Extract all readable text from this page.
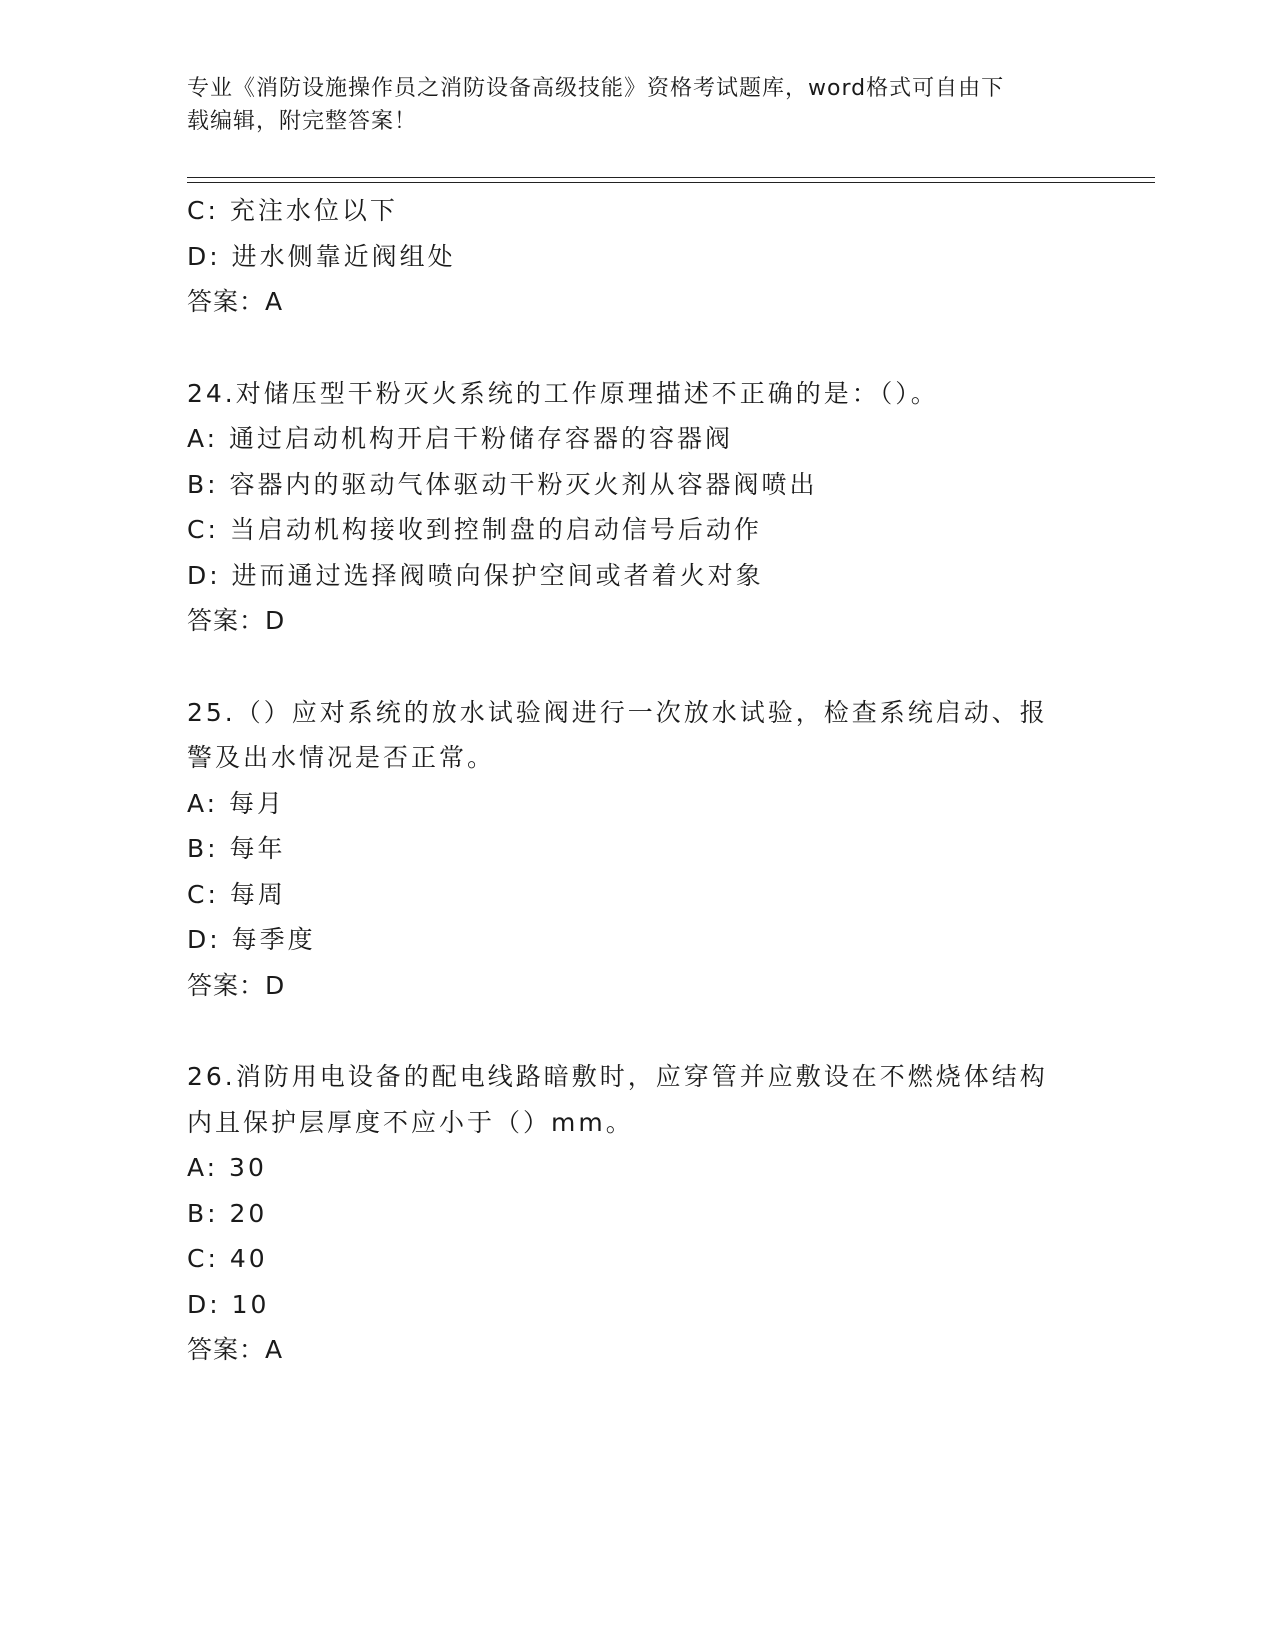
专业《消防设施操作员之消防设备高级技能》资格考试题库，word格式可自由下
载编辑，附完整答案！
C: 充注水位以下
D: 进水侧靠近阀组处
答案：A
24.对储压型干粉灭火系统的工作原理描述不正确的是：（）。
A: 通过启动机构开启干粉储存容器的容器阀
B: 容器内的驱动气体驱动干粉灭火剂从容器阀喷出
C: 当启动机构接收到控制盘的启动信号后动作
D: 进而通过选择阀喷向保护空间或者着火对象
答案：D
25.（）应对系统的放水试验阀进行一次放水试验，检查系统启动、报
警及出水情况是否正常。
A: 每月
B: 每年
C: 每周
D: 每季度
答案：D
26.消防用电设备的配电线路暗敷时，应穿管并应敷设在不燃烧体结构
内且保护层厚度不应小于（）mm。
A: 30
B: 20
C: 40
D: 10
答案：A
